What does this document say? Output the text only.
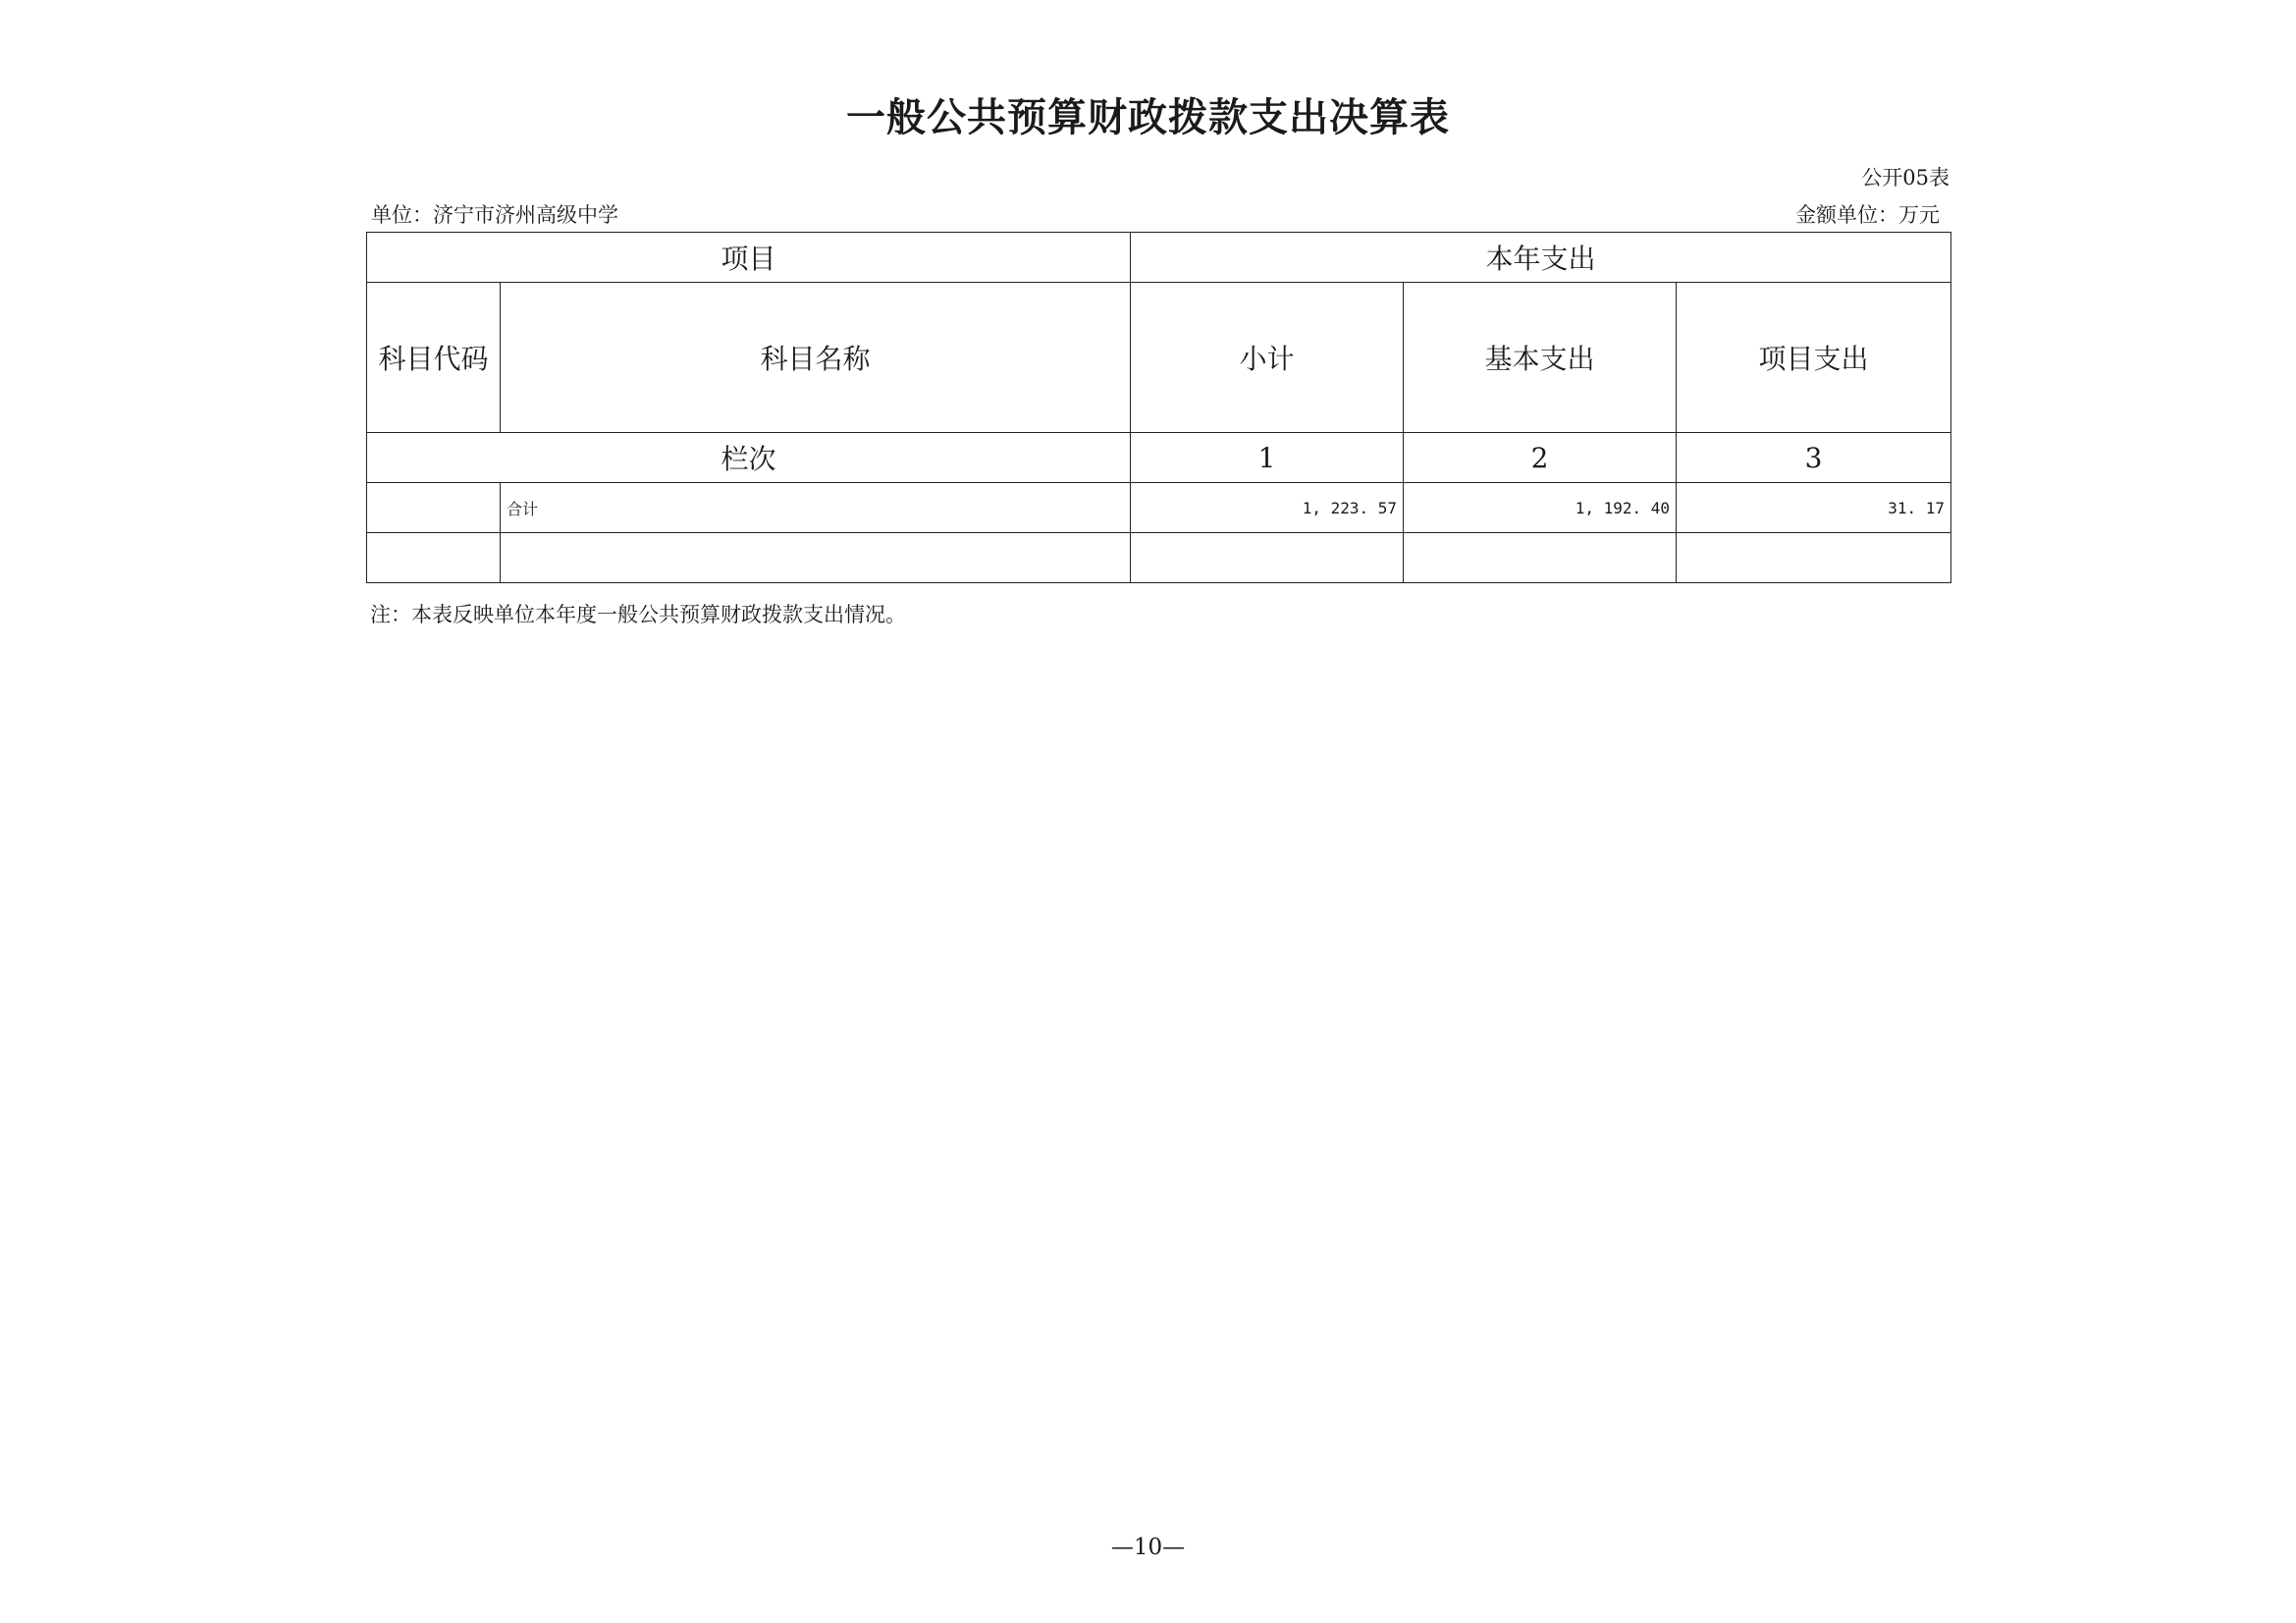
一般公共预算财政拨款支出决算表
公开05表
单位：济宁市济州高级中学	金额单位：万元
项目		本年支出		
科目代码	科目名称	小计	基本支出	项目支出
栏次		1	2	3
	合计	1, 223. 57	1, 192. 40	31. 17

注：本表反映单位本年度一般公共预算财政拨款支出情况。
—10—
